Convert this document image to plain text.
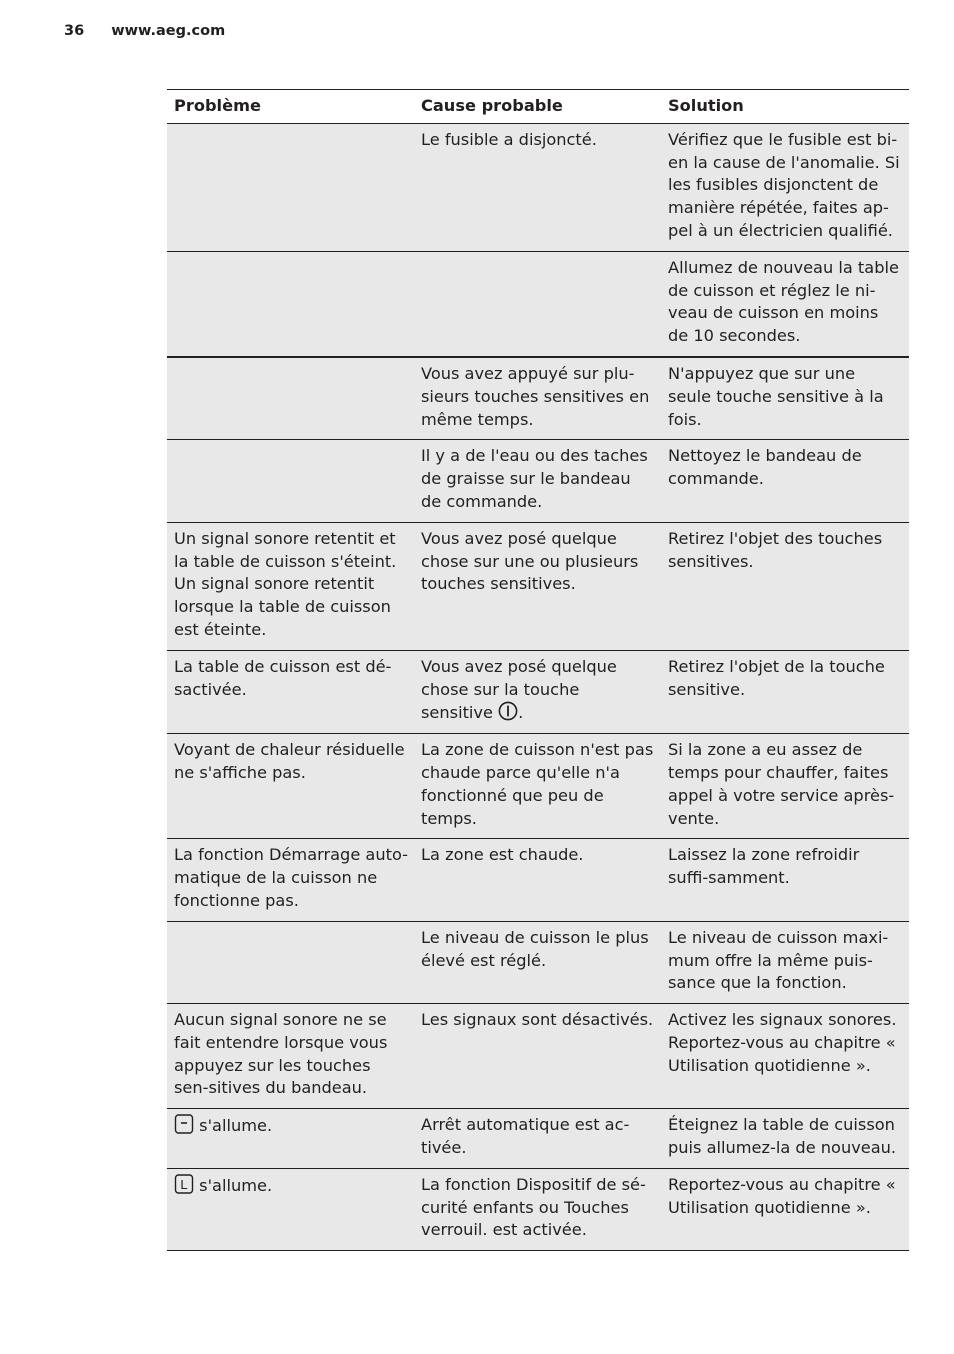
36 www.aeg.com
Problème	Cause probable	Solution
	Le fusible a disjoncté.	Vérifiez que le fusible est bi-en la cause de l'anomalie. Si les fusibles disjonctent de manière répétée, faites ap-pel à un électricien qualifié.
		Allumez de nouveau la table de cuisson et réglez le ni-veau de cuisson en moins de 10 secondes.
	Vous avez appuyé sur plu-sieurs touches sensitives en même temps.	N'appuyez que sur une seule touche sensitive à la fois.
	Il y a de l'eau ou des taches de graisse sur le bandeau de commande.	Nettoyez le bandeau de commande.
Un signal sonore retentit et la table de cuisson s'éteint. Un signal sonore retentit lorsque la table de cuisson est éteinte.	Vous avez posé quelque chose sur une ou plusieurs touches sensitives.	Retirez l'objet des touches sensitives.
La table de cuisson est dé-sactivée.	Vous avez posé quelque chose sur la touche sensitive .	Retirez l'objet de la touche sensitive.
Voyant de chaleur résiduelle ne s'affiche pas.	La zone de cuisson n'est pas chaude parce qu'elle n'a fonctionné que peu de temps.	Si la zone a eu assez de temps pour chauffer, faites appel à votre service après-vente.
La fonction Démarrage auto-matique de la cuisson ne fonctionne pas.	La zone est chaude.	Laissez la zone refroidir suffi-samment.
	Le niveau de cuisson le plus élevé est réglé.	Le niveau de cuisson maxi-mum offre la même puis-sance que la fonction.
Aucun signal sonore ne se fait entendre lorsque vous appuyez sur les touches sen-sitives du bandeau.	Les signaux sont désactivés.	Activez les signaux sonores. Reportez-vous au chapitre « Utilisation quotidienne ».
s'allume.	Arrêt automatique est ac-tivée.	Éteignez la table de cuisson puis allumez-la de nouveau.

L s'allume.	La fonction Dispositif de sé-curité enfants ou Touches verrouil. est activée.	Reportez-vous au chapitre « Utilisation quotidienne ».
